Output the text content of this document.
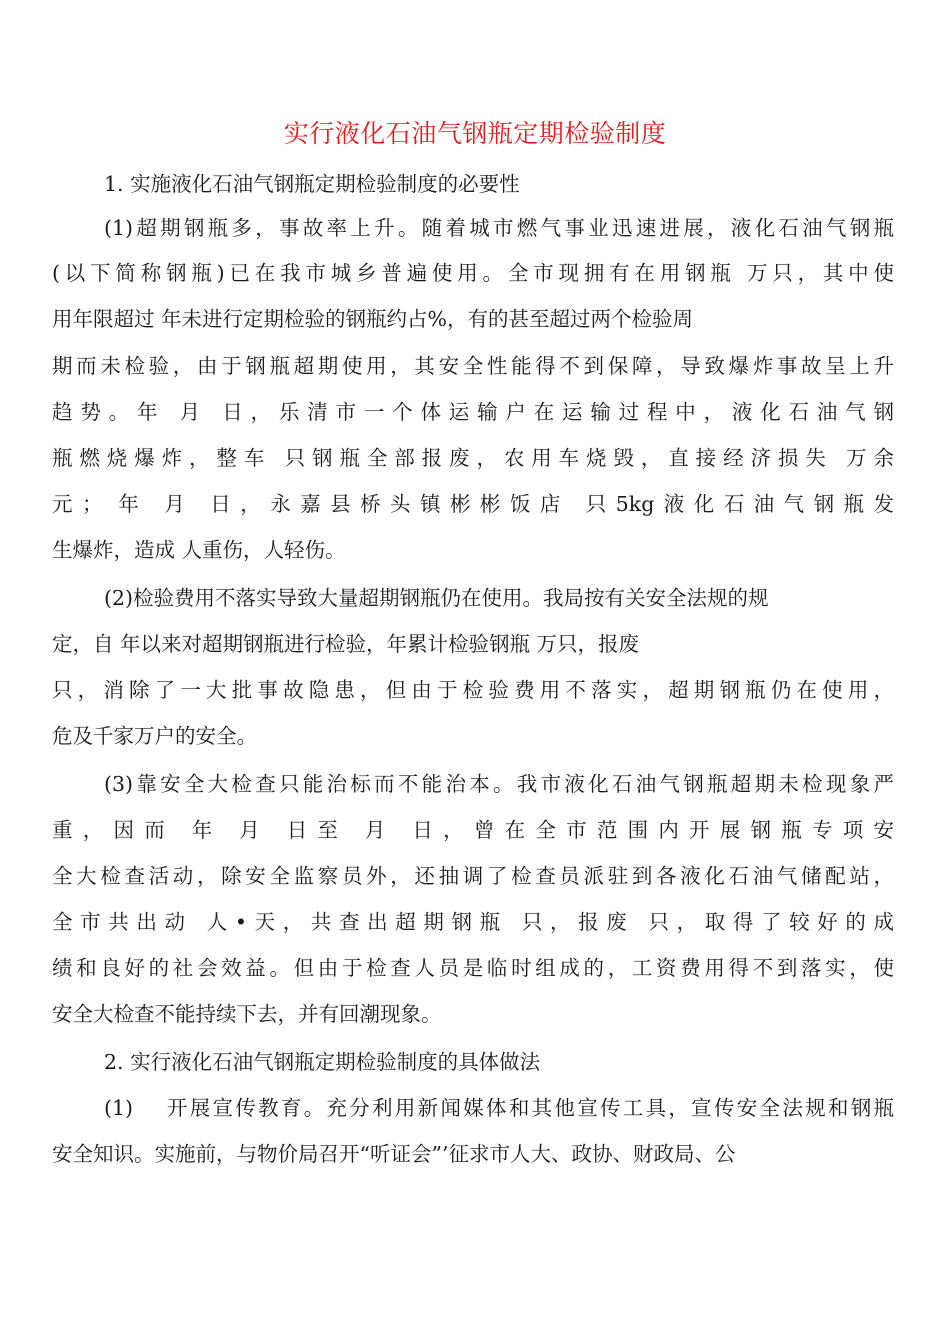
实行液化石油气钢瓶定期检验制度
1. 实施液化石油气钢瓶定期检验制度的必要性
(1)超期钢瓶多，事故率上升。随着城市燃气事业迅速进展，液化石油气钢瓶
(以下简称钢瓶)已在我市城乡普遍使用。全市现拥有在用钢瓶 万只，其中使
用年限超过 年未进行定期检验的钢瓶约占%，有的甚至超过两个检验周
期而未检验，由于钢瓶超期使用，其安全性能得不到保障，导致爆炸事故呈上升
趋势。年 月 日，乐清市一个体运输户在运输过程中，液化石油气钢
瓶燃烧爆炸，整车 只钢瓶全部报废，农用车烧毁，直接经济损失 万余
元； 年 月 日，永嘉县桥头镇彬彬饭店 只5kg液化石油气钢瓶发
生爆炸，造成 人重伤，人轻伤。
(2)检验费用不落实导致大量超期钢瓶仍在使用。我局按有关安全法规的规
定，自 年以来对超期钢瓶进行检验，年累计检验钢瓶 万只，报废
只，消除了一大批事故隐患，但由于检验费用不落实，超期钢瓶仍在使用，
危及千家万户的安全。
(3)靠安全大检查只能治标而不能治本。我市液化石油气钢瓶超期未检现象严
重，因而 年 月 日至 月 日，曾在全市范围内开展钢瓶专项安
全大检查活动，除安全监察员外，还抽调了检查员派驻到各液化石油气储配站，
全市共出动 人•天，共查出超期钢瓶 只，报废 只，取得了较好的成
绩和良好的社会效益。但由于检查人员是临时组成的，工资费用得不到落实，使
安全大检查不能持续下去，并有回潮现象。
2. 实行液化石油气钢瓶定期检验制度的具体做法
(1)　 开展宣传教育。充分利用新闻媒体和其他宣传工具，宣传安全法规和钢瓶
安全知识。实施前，与物价局召开“听证会”’征求市人大、政协、财政局、公
